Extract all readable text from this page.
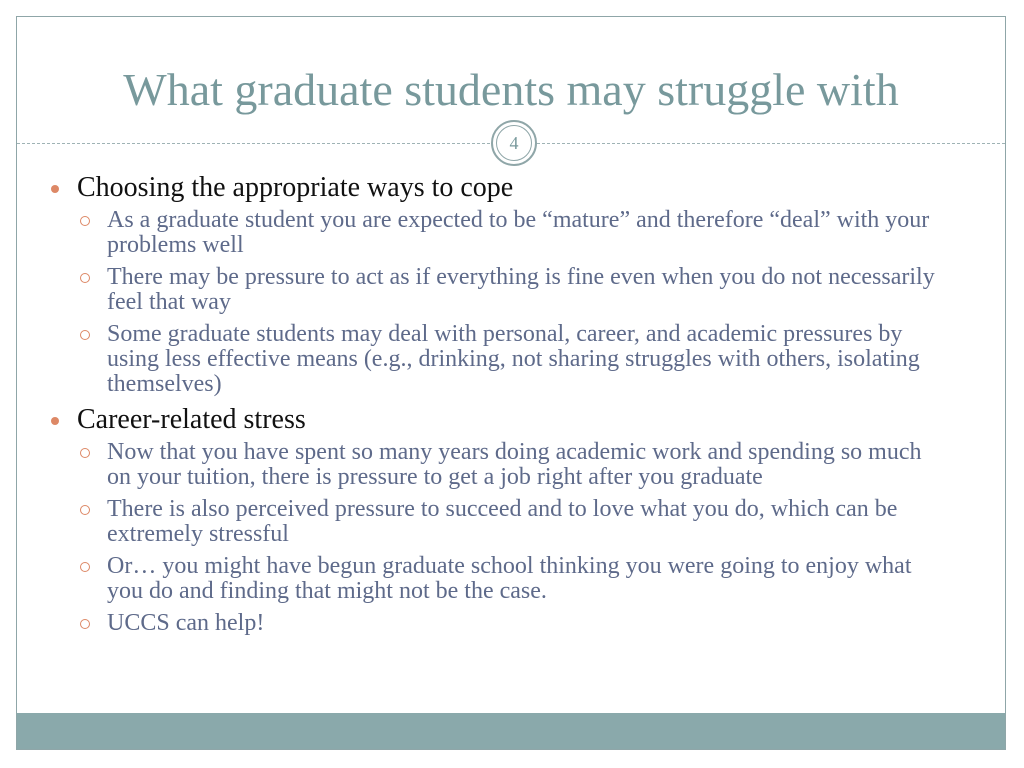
What graduate students may struggle with
4
Choosing the appropriate ways to cope
As a graduate student you are expected to be “mature” and therefore “deal” with your problems well
There may be pressure to act as if everything is fine even when you do not necessarily feel that way
Some graduate students may deal with personal, career, and academic pressures by using less effective means (e.g., drinking, not sharing struggles with others, isolating themselves)
Career-related stress
Now that you have spent so many years doing academic work and spending so much on your tuition, there is pressure to get a job right after you graduate
There is also perceived pressure to succeed and to love what you do, which can be extremely stressful
Or… you might have begun graduate school thinking you were going to enjoy what you do and finding that might not be the case.
UCCS can help!
